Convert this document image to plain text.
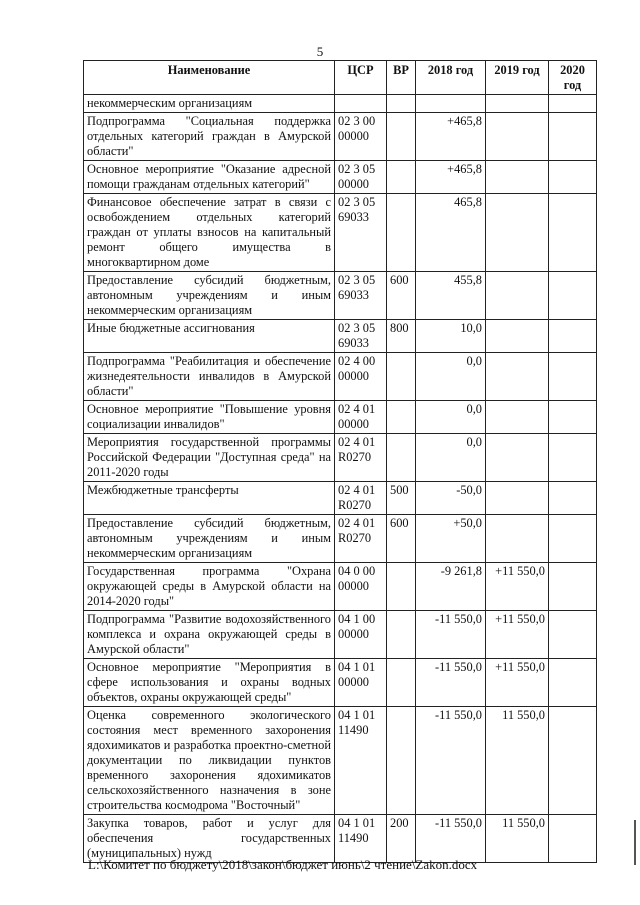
5
Наименование	ЦСР	ВР	2018 год	2019 год	2020 год
некоммерческим организациям					
Подпрограмма "Социальная поддержка отдельных категорий граждан в Амурской области"	02 3 00 00000		+465,8		
Основное мероприятие "Оказание адресной помощи гражданам отдельных категорий"	02 3 05 00000		+465,8		
Финансовое обеспечение затрат в связи с освобождением отдельных категорий граждан от уплаты взносов на капитальный ремонт общего имущества в многоквартирном доме	02 3 05 69033		465,8		
Предоставление субсидий бюджетным, автономным учреждениям и иным некоммерческим организациям	02 3 05 69033	600	455,8		
Иные бюджетные ассигнования	02 3 05 69033	800	10,0		
Подпрограмма "Реабилитация и обеспечение жизнедеятельности инвалидов в Амурской области"	02 4 00 00000		0,0		
Основное мероприятие "Повышение уровня социализации инвалидов"	02 4 01 00000		0,0		
Мероприятия государственной программы Российской Федерации "Доступная среда" на 2011-2020 годы	02 4 01 R0270		0,0		
Межбюджетные трансферты	02 4 01 R0270	500	-50,0		
Предоставление субсидий бюджетным, автономным учреждениям и иным некоммерческим организациям	02 4 01 R0270	600	+50,0		
Государственная программа "Охрана окружающей среды в Амурской области на 2014-2020 годы"	04 0 00 00000		-9 261,8	+11 550,0	
Подпрограмма "Развитие водохозяйственного комплекса и охрана окружающей среды в Амурской области"	04 1 00 00000		-11 550,0	+11 550,0	
Основное мероприятие "Мероприятия в сфере использования и охраны водных объектов, охраны окружающей среды"	04 1 01 00000		-11 550,0	+11 550,0	
Оценка современного экологического состояния мест временного захоронения ядохимикатов и разработка проектно-сметной документации по ликвидации пунктов временного захоронения ядохимикатов сельскохозяйственного назначения в зоне строительства космодрома "Восточный"	04 1 01 11490		-11 550,0	11 550,0	
Закупка товаров, работ и услуг для обеспечения государственных (муниципальных) нужд	04 1 01 11490	200	-11 550,0	11 550,0	
L:\Комитет по бюджету\2018\закон\бюджет июнь\2 чтение\Zakon.docx
